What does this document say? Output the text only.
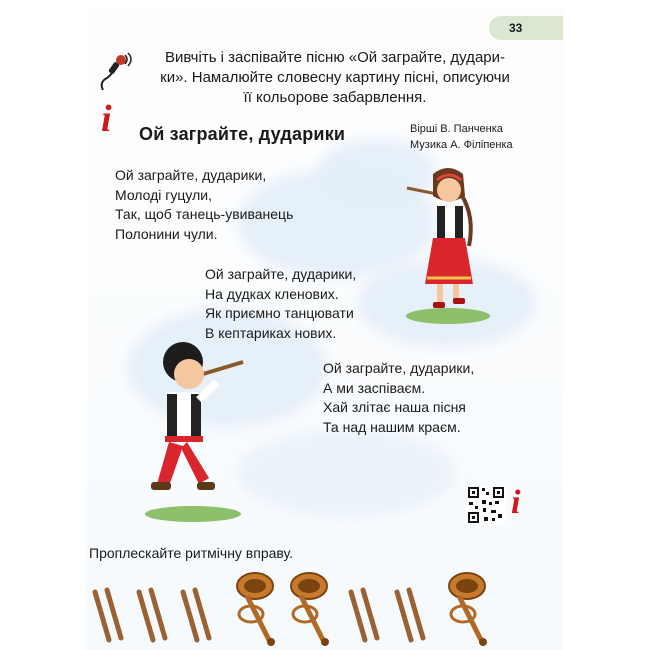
33
Вивчіть і заспівайте пісню «Ой заграйте, дудари-
ки». Намалюйте словесну картину пісні, описуючи
її кольорове забарвлення.
i Ой заграйте, дударики	Вірші В. Панченка
Музика А. Філіпенка
Ой заграйте, дударики,
Молоді гуцули,
Так, щоб танець-увиванець
Полонини чули.
Ой заграйте, дударики,
На дудках кленових.
Як приємно танцювати
В кептариках нових.
Ой заграйте, дударики,
А ми заспіваєм.
Хай злітає наша пісня
Та над нашим краєм.
i
Проплескайте ритмічну вправу.
